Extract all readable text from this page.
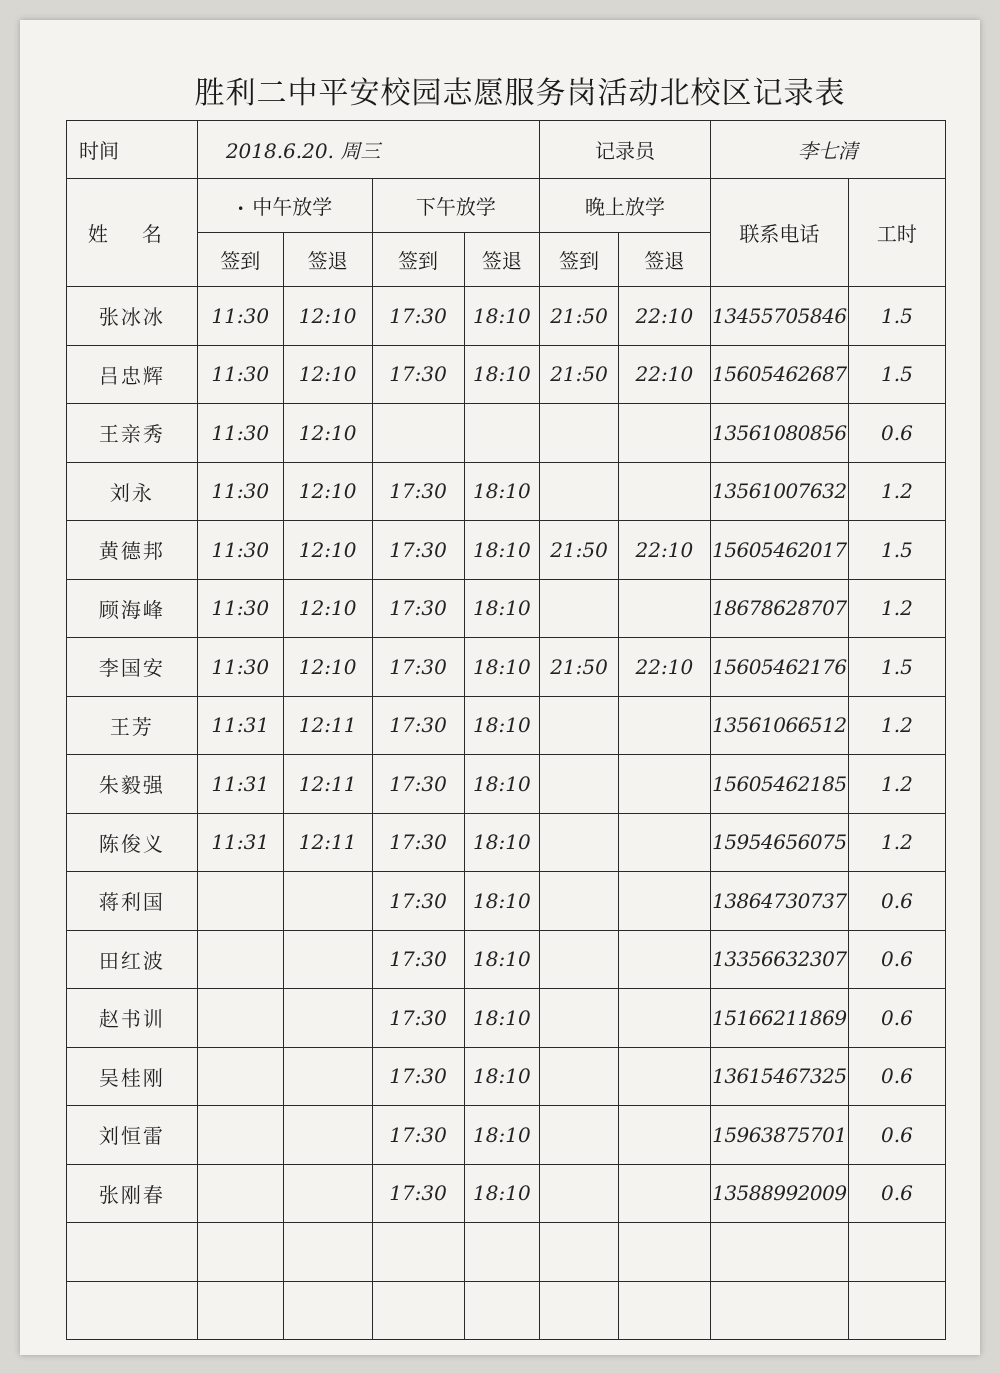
胜利二中平安校园志愿服务岗活动北校区记录表
时间	2018.6.20. 周三				记录员		李七清	
姓名	• 中午放学		下午放学		晚上放学		联系电话	工时
	签到	签退	签到	签退	签到	签退		
张冰冰	11:30	12:10	17:30	18:10	21:50	22:10	13455705846	1.5
吕忠辉	11:30	12:10	17:30	18:10	21:50	22:10	15605462687	1.5
王亲秀	11:30	12:10					13561080856	0.6
刘永	11:30	12:10	17:30	18:10			13561007632	1.2
黄德邦	11:30	12:10	17:30	18:10	21:50	22:10	15605462017	1.5
顾海峰	11:30	12:10	17:30	18:10			18678628707	1.2
李国安	11:30	12:10	17:30	18:10	21:50	22:10	15605462176	1.5
王芳	11:31	12:11	17:30	18:10			13561066512	1.2
朱毅强	11:31	12:11	17:30	18:10			15605462185	1.2
陈俊义	11:31	12:11	17:30	18:10			15954656075	1.2
蒋利国			17:30	18:10			13864730737	0.6
田红波			17:30	18:10			13356632307	0.6
赵书训			17:30	18:10			15166211869	0.6
吴桂刚			17:30	18:10			13615467325	0.6
刘恒雷			17:30	18:10			15963875701	0.6
张刚春			17:30	18:10			13588992009	0.6
